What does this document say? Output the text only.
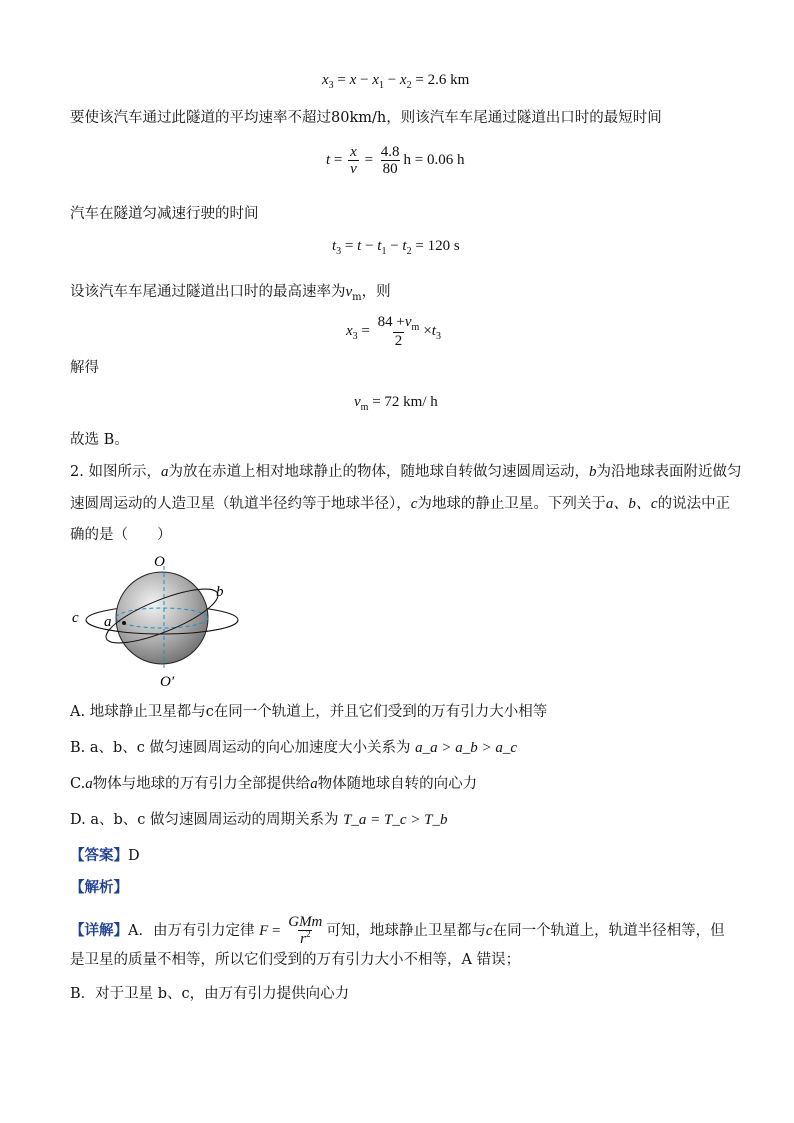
$x_3 = x - x_1 - x_2 = 2.6$ km
要使该汽车通过此隧道的平均速率不超过80km/h，则该汽车车尾通过隧道出口时的最短时间
$t = \frac{x}{v} = \frac{4.8}{80}$ h = 0.06 h
汽车在隧道匀减速行驶的时间
$t_3 = t - t_1 - t_2 = 120$ s
设该汽车车尾通过隧道出口时的最高速率为$v_m$，则
$x_3 = \frac{84 +v_m}{2} \times t_3$
解得
$v_m = 72$ km/ h
故选 B。
2. 如图所示，a为放在赤道上相对地球静止的物体，随地球自转做匀速圆周运动，b为沿地球表面附近做匀
速圆周运动的人造卫星（轨道半径约等于地球半径），c为地球的静止卫星。下列关于a、b、c的说法中正
确的是（　　）
O
O′
a
b
c
A. 地球静止卫星都与c在同一个轨道上，并且它们受到的万有引力大小相等
B. a、b、c 做匀速圆周运动的向心加速度大小关系为 a_a > a_b > a_c
C.a物体与地球的万有引力全部提供给a物体随地球自转的向心力
D. a、b、c 做匀速圆周运动的周期关系为 T_a = T_c > T_b
【答案】D
【解析】
【详解】A．由万有引力定律 $F = \frac{\text{GMm}}{r^2}$ 可知，地球静止卫星都与c在同一个轨道上，轨道半径相等，但
是卫星的质量不相等，所以它们受到的万有引力大小不相等，A 错误；
B．对于卫星 b、c，由万有引力提供向心力
